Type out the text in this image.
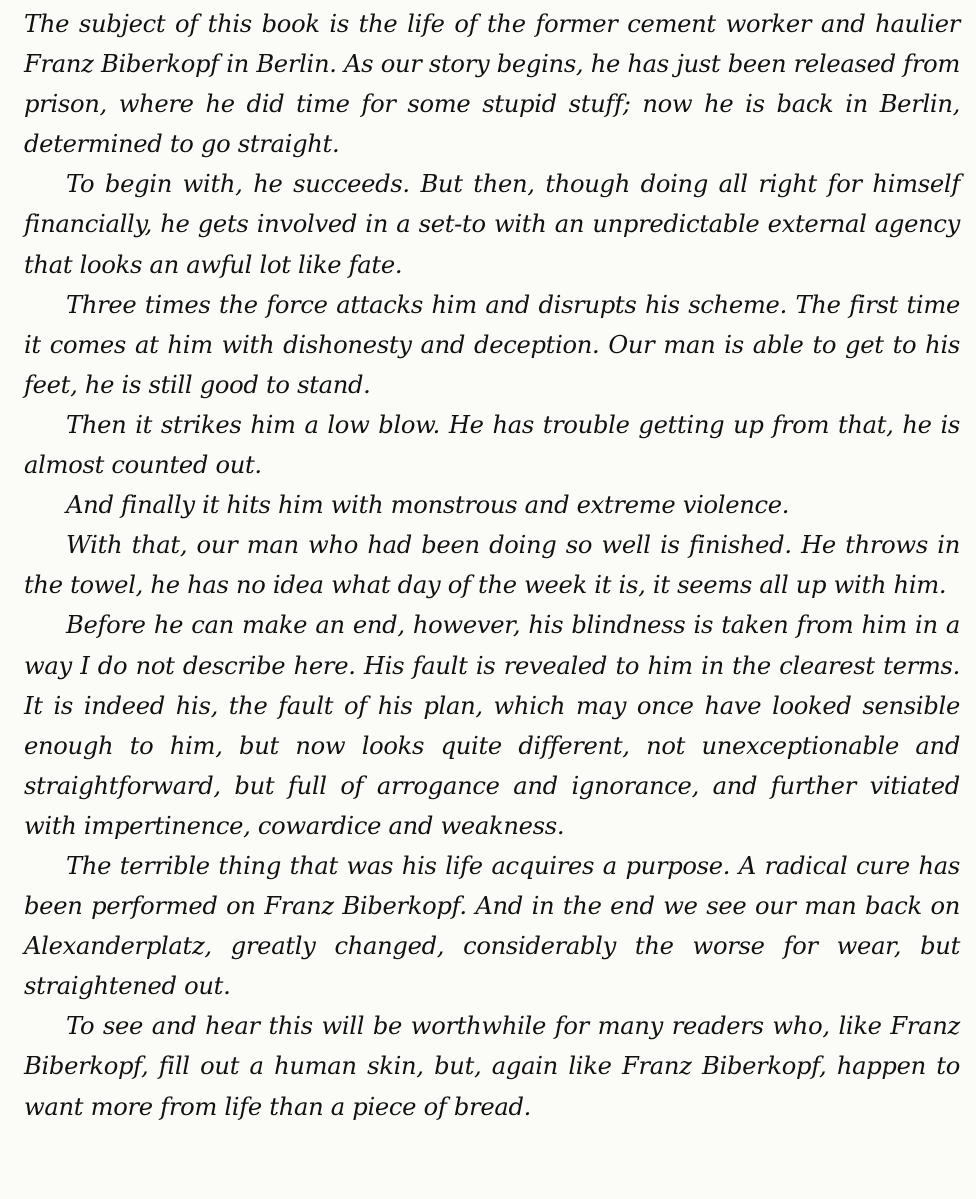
The subject of this book is the life of the former cement worker and haulier Franz Biberkopf in Berlin. As our story begins, he has just been released from prison, where he did time for some stupid stuff; now he is back in Berlin, determined to go straight.

To begin with, he succeeds. But then, though doing all right for himself financially, he gets involved in a set-to with an unpredictable external agency that looks an awful lot like fate.

Three times the force attacks him and disrupts his scheme. The first time it comes at him with dishonesty and deception. Our man is able to get to his feet, he is still good to stand.

Then it strikes him a low blow. He has trouble getting up from that, he is almost counted out.

And finally it hits him with monstrous and extreme violence.

With that, our man who had been doing so well is finished. He throws in the towel, he has no idea what day of the week it is, it seems all up with him.

Before he can make an end, however, his blindness is taken from him in a way I do not describe here. His fault is revealed to him in the clearest terms. It is indeed his, the fault of his plan, which may once have looked sensible enough to him, but now looks quite different, not unexceptionable and straightforward, but full of arrogance and ignorance, and further vitiated with impertinence, cowardice and weakness.

The terrible thing that was his life acquires a purpose. A radical cure has been performed on Franz Biberkopf. And in the end we see our man back on Alexanderplatz, greatly changed, considerably the worse for wear, but straightened out.

To see and hear this will be worthwhile for many readers who, like Franz Biberkopf, fill out a human skin, but, again like Franz Biberkopf, happen to want more from life than a piece of bread.
